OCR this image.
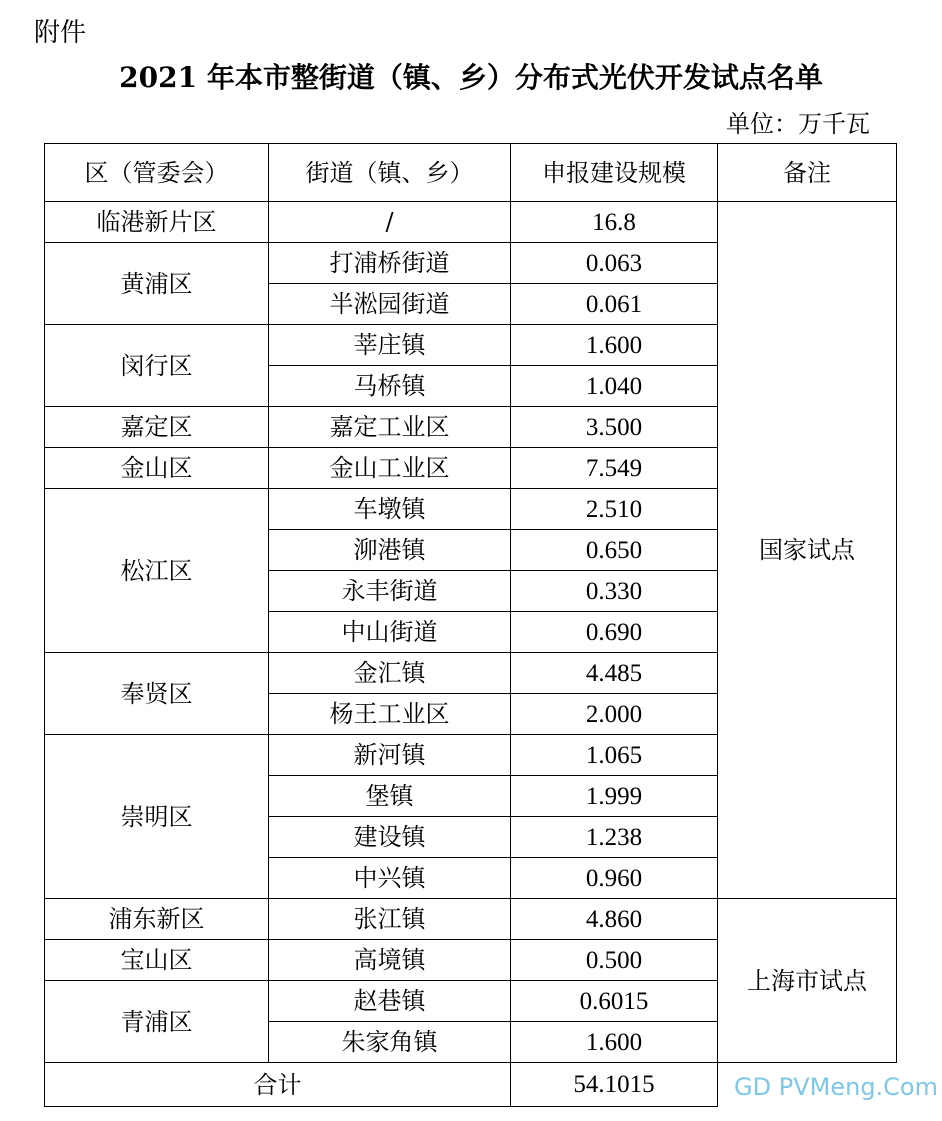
附件
2021 年本市整街道（镇、乡）分布式光伏开发试点名单
单位：万千瓦
区（管委会）	街道（镇、乡）	申报建设规模	备注
临港新片区	/	16.8	国家试点
黄浦区	打浦桥街道	0.063	
	半淞园街道	0.061	
闵行区	莘庄镇	1.600	
	马桥镇	1.040	
嘉定区	嘉定工业区	3.500	
金山区	金山工业区	7.549	
松江区	车墩镇	2.510	
	泖港镇	0.650	
	永丰街道	0.330	
	中山街道	0.690	
奉贤区	金汇镇	4.485	
	杨王工业区	2.000	
崇明区	新河镇	1.065	
	堡镇	1.999	
	建设镇	1.238	
	中兴镇	0.960	
浦东新区	张江镇	4.860	上海市试点
宝山区	高境镇	0.500	
青浦区	赵巷镇	0.6015	
	朱家角镇	1.600	
合计		54.1015		GD PVMeng.Com
